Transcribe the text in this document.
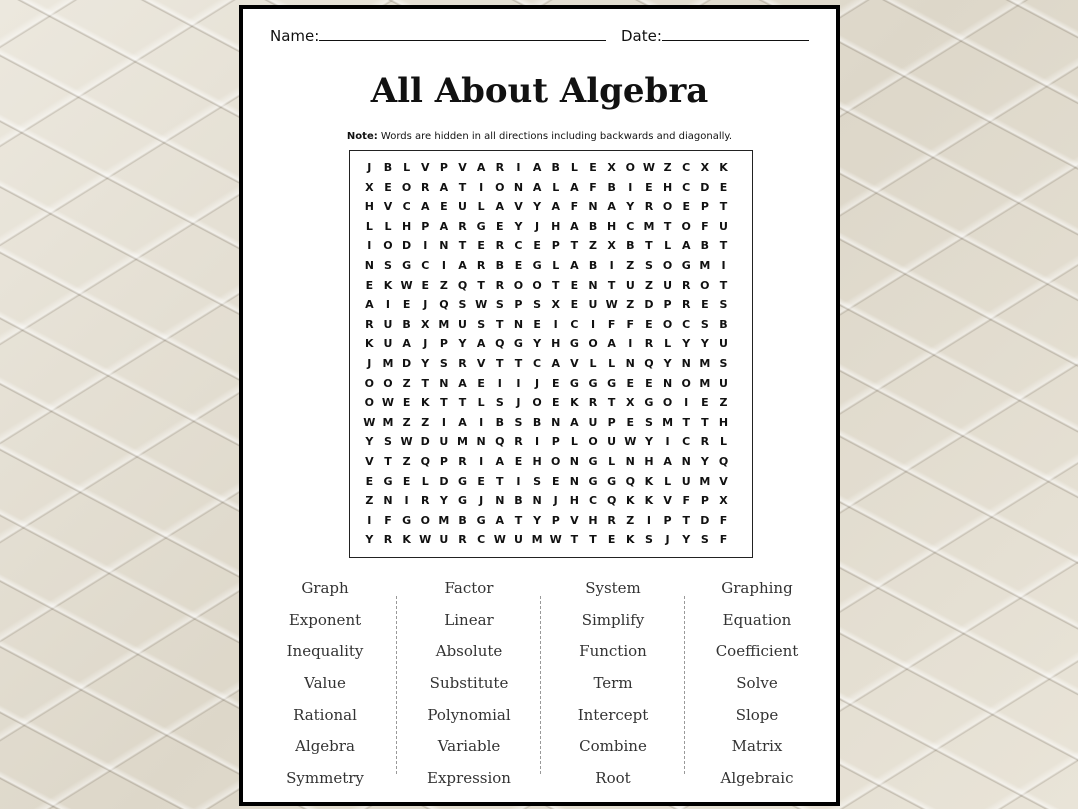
Name:	Date:
All About Algebra
Note: Words are hidden in all directions including backwards and diagonally.
J	B L V P V A R	I	A B L	E X O W Z C X K
X E O R A T	I	O N A L A F B	I	E H C D E
H V C A E U L A V Y A F N A Y R O E P T
L	L H P A R G E Y	J	H A B H C M T O F U
I	O D	I	N T	E R C E P T Z X B T	L A B T
N S G C	I	A R B E G L A B	I	Z S O G M	I
E K W E Z Q T R O O T	E N T U Z U R O T
A	I	E	J	Q S W S P S X E U W Z D P R E S
R U B X M U S T N E	I	C	I	F	F	E O C S B
K U A	J	P Y A Q G Y H G O A	I	R L	Y Y U
J	M D Y S R V T	T C A V L	L N Q Y N M S
O O Z T N A E	I	I	J	E G G G E	E N O M U
O W E K T	T	L	S	J	O E K R T X G O	I	E Z
W M Z Z	I	A	I	B S B N A U P E S M T	T H
Y S W D U M N Q R	I	P	L O U W Y	I	C R L
V T Z Q P R	I	A E H O N G L N H A N Y Q
E G E	L D G E	T	I	S E N G G Q K L U M V
Z N	I	R Y G	J	N B N	J	H C Q K K V F P X
I	F G O M B G A T Y P V H R Z	I	P T D F
Y R K W U R C W U M W T	T	E K S	J	Y S F
Graph
Exponent
Inequality
Value
Rational
Algebra
Symmetry
Factor
Linear
Absolute
Substitute
Polynomial
Variable
Expression
System
Simplify
Function
Term
Intercept
Combine
Root
Graphing
Equation
Coefficient
Solve
Slope
Matrix
Algebraic
